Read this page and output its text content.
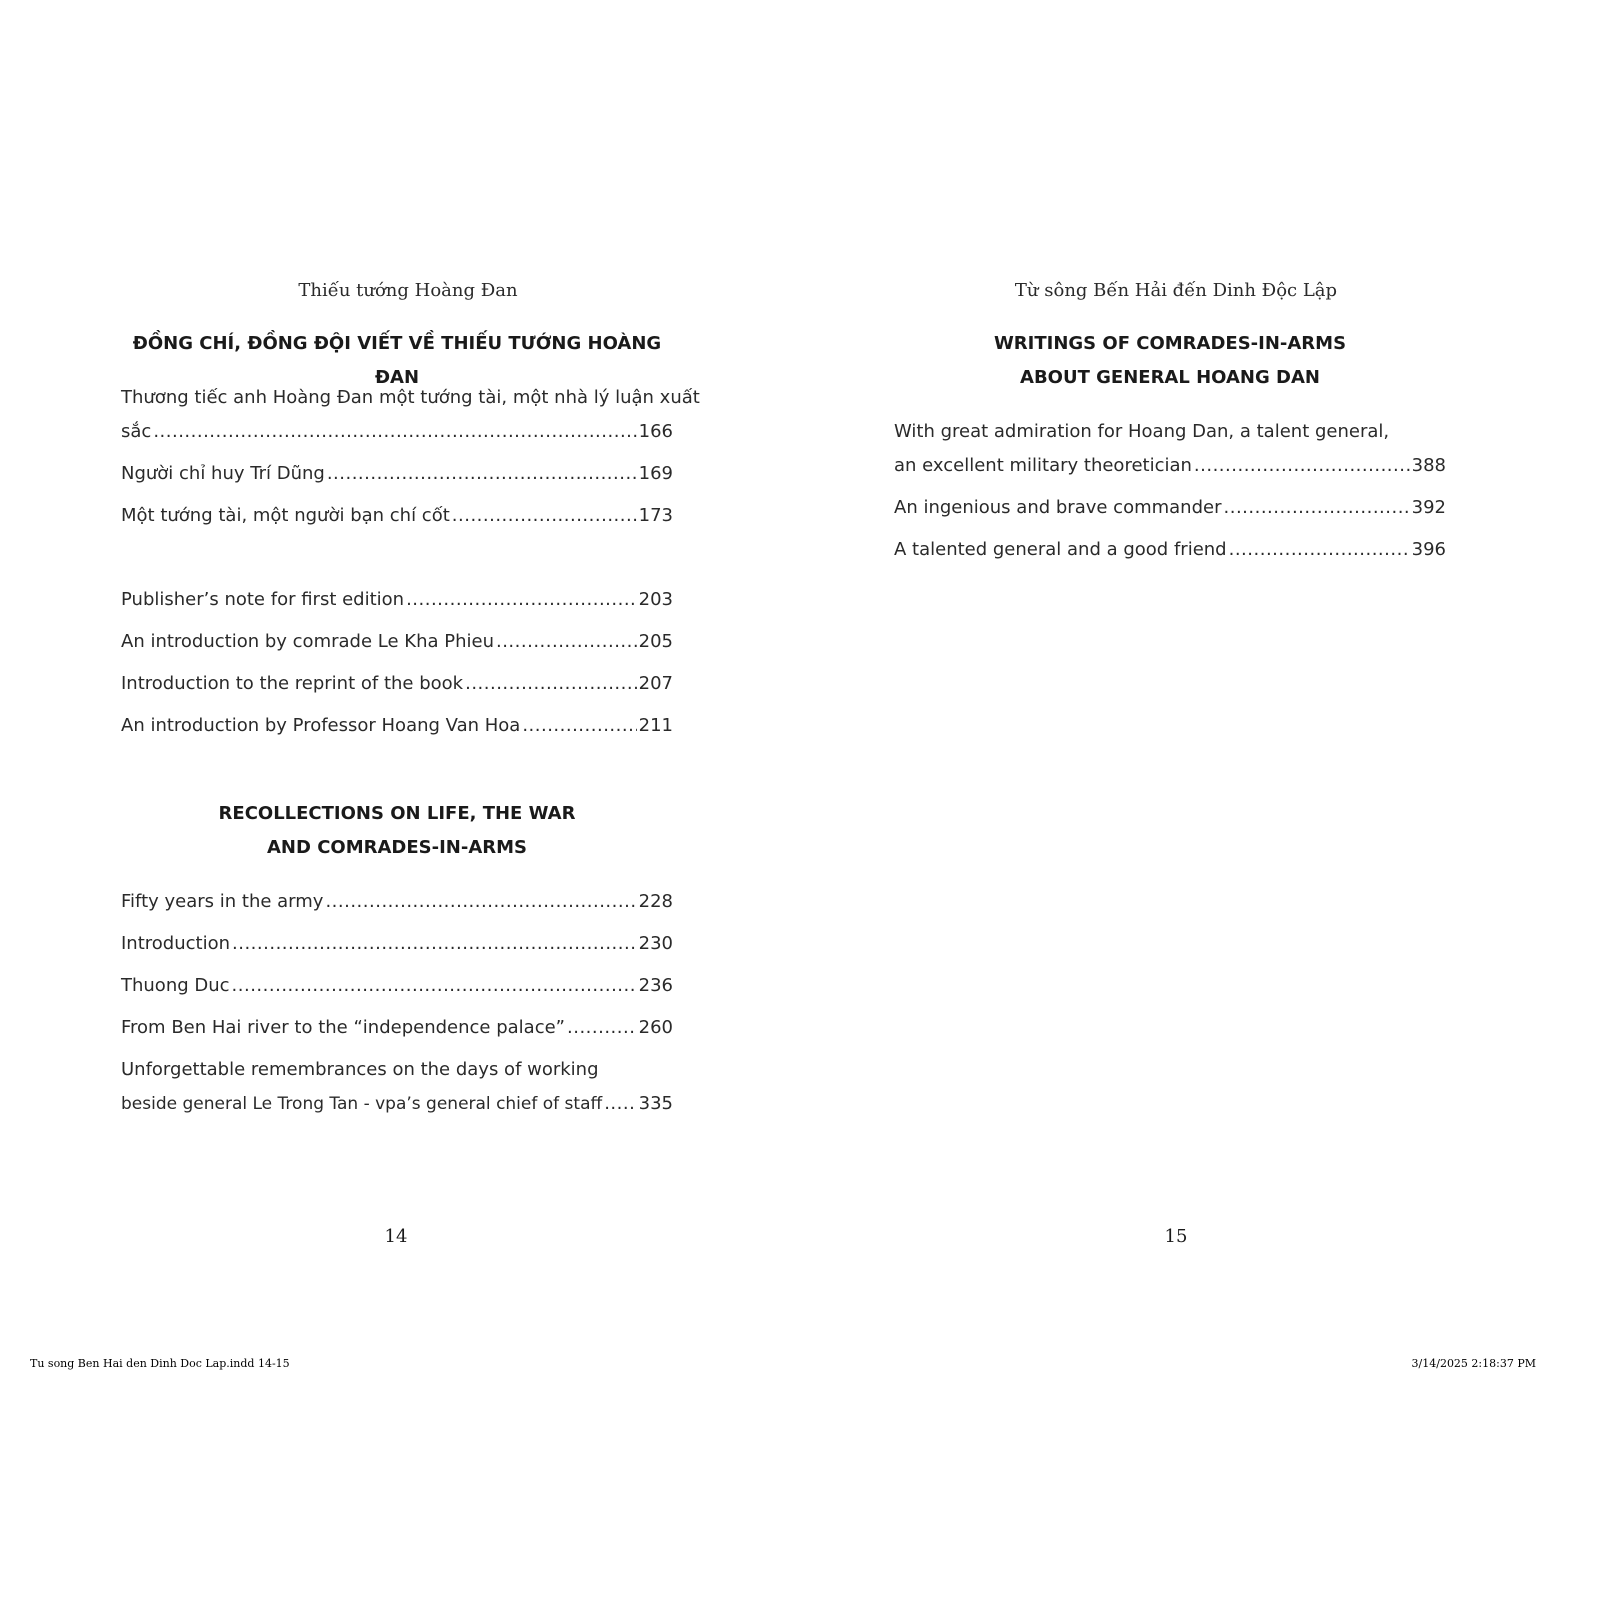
Thiếu tướng Hoàng Đan
ĐỒNG CHÍ, ĐỒNG ĐỘI VIẾT VỀ THIẾU TƯỚNG HOÀNG ĐAN
Thương tiếc anh Hoàng Đan một tướng tài, một nhà lý luận xuất
sắc .....	166
Người chỉ huy Trí Dũng .....	169
Một tướng tài, một người bạn chí cốt .....	173
Publisher’s note for first edition .....	203
An introduction by comrade Le Kha Phieu .....	205
Introduction to the reprint of the book .....	207
An introduction by Professor Hoang Van Hoa .....	211
RECOLLECTIONS ON LIFE, THE WAR
AND COMRADES-IN-ARMS
Fifty years in the army .....	228
Introduction .....	230
Thuong Duc .....	236
From Ben Hai river to the “independence palace” .....	260
Unforgettable remembrances on the days of working
beside general Le Trong Tan - vpa’s general chief of staff ..... 335
14
Từ sông Bến Hải đến Dinh Độc Lập
WRITINGS OF COMRADES-IN-ARMS
ABOUT GENERAL HOANG DAN
With great admiration for Hoang Dan, a talent general,
an excellent military theoretician .....	388
An ingenious and brave commander .....	392
A talented general and a good friend .....	396
15
Tu song Ben Hai den Dinh Doc Lap.indd 14-15	3/14/2025 2:18:37 PM
